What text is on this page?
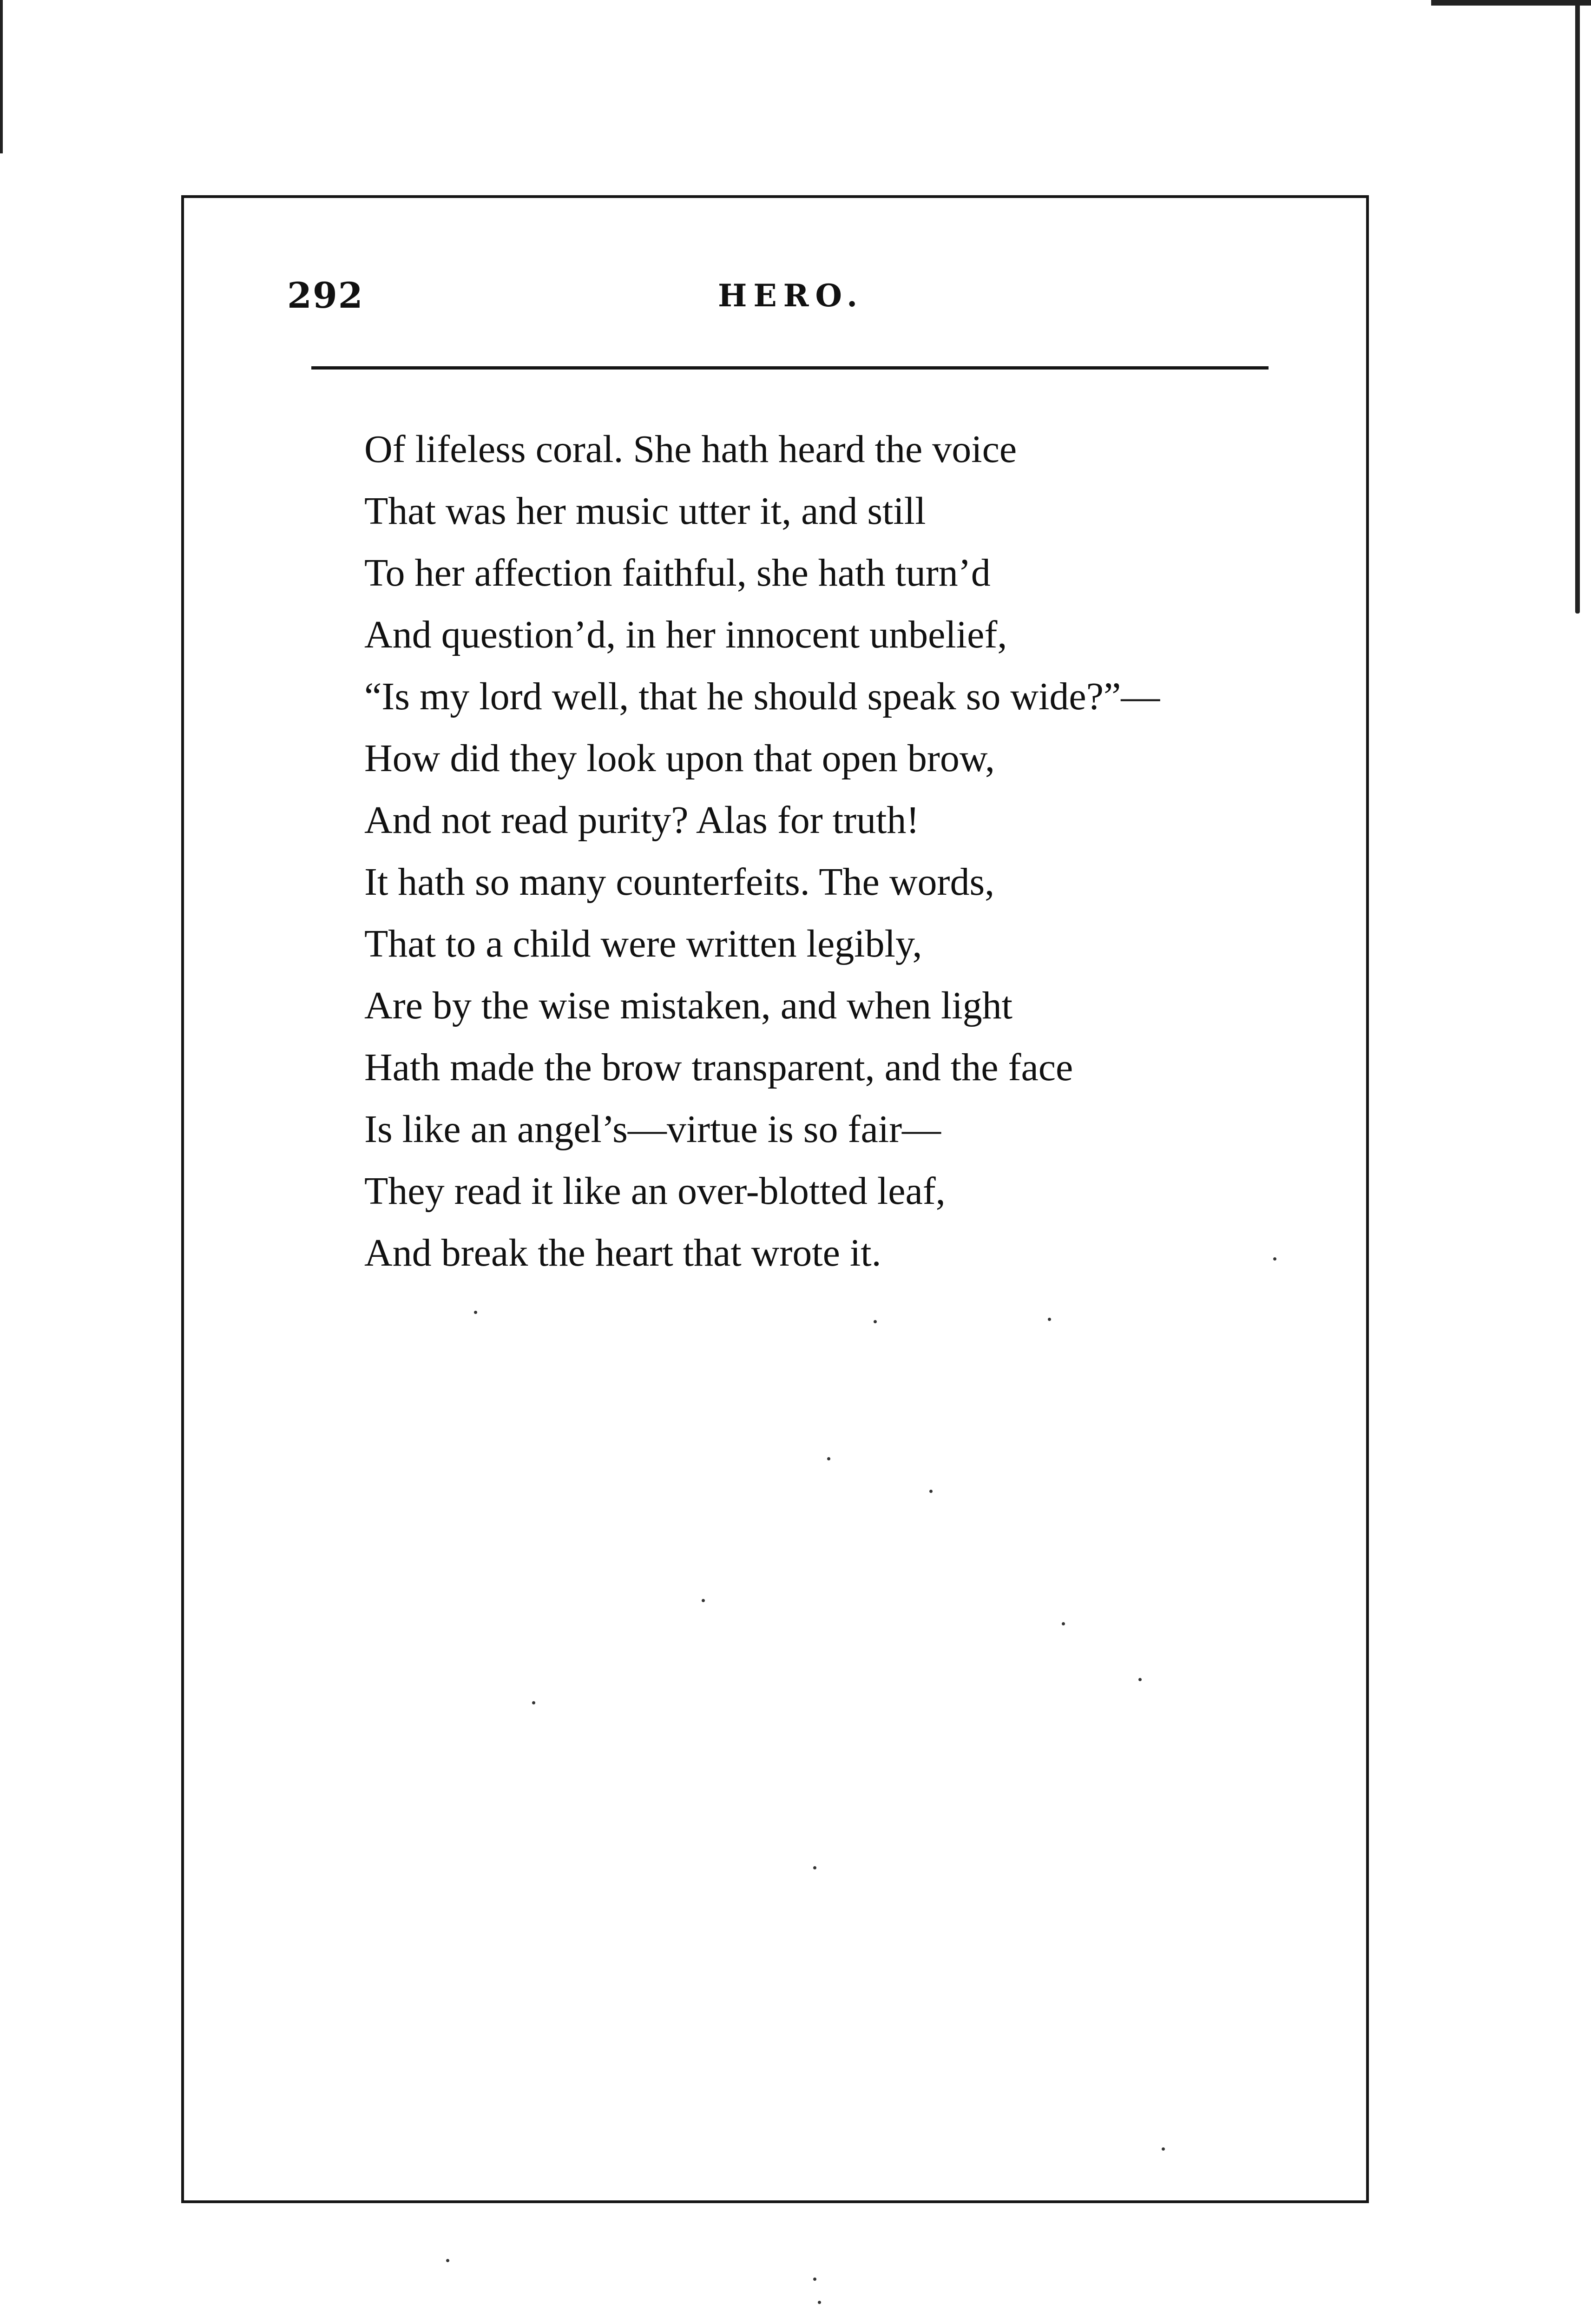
292	HERO.
Of lifeless coral. She hath heard the voice
That was her music utter it, and still
To her affection faithful, she hath turn’d
And question’d, in her innocent unbelief,
“Is my lord well, that he should speak so wide?”—
How did they look upon that open brow,
And not read purity? Alas for truth!
It hath so many counterfeits. The words,
That to a child were written legibly,
Are by the wise mistaken, and when light
Hath made the brow transparent, and the face
Is like an angel’s—virtue is so fair—
They read it like an over-blotted leaf,
And break the heart that wrote it.
